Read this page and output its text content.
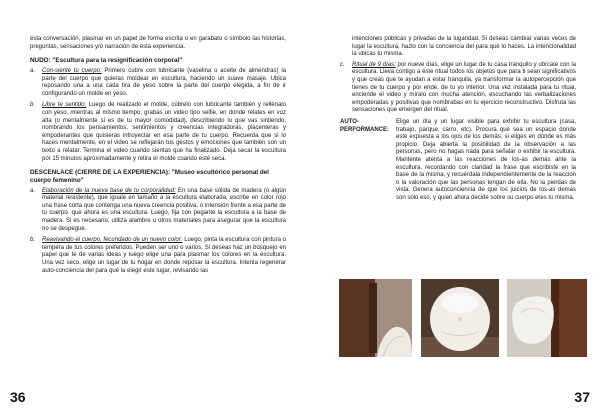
ésta conversación, plasmar en un papel de forma escrita o en garabato o símbolo las historias, preguntas, sensaciones y/o narración de ésta experiencia.

NUDO: "Escultura para la resignificación corporal"
a.	Con-siente tu cuerpo: Primero cubre con lubricante (vaselina o aceite de almendras) la parte del cuerpo que quieras moldear en escultura, haciendo un suave masaje. Ubica reposando una a una cada tira de yeso sobre la parte del cuerpo elegida, a fin de ir configurando un molde en yeso.

b.	Libre te sentido: Luego de realizado el molde, cúbrelo con lubricante también y rellénalo con yeso, mientras al mismo tiempo, grabas un video tipo selfie, en donde relates en voz alta (o mentalmente si es de tu mayor comodidad), describiendo lo que vas sintiendo, nombrando los pensamientos, sentimientos y creencias integradoras, placenteras y empoderantes que quisieras introyectar en esa parte de tu cuerpo. Recuerda que si lo haces mentalmente, en el video se reflejarán tus gestos y emociones que también son un texto a relatar. Termina el video cuando sientas que ha finalizado. Deja secar la escultura por 15 minutos aproximadamente y retira el molde cuando esté seca.

DESCENLACE (CIERRE DE LA EXPERIENCIA): "Museo escultórico personal del cuerpo femenino"
a.	Elaboración de la nueva base de tu corporalidad: En una base sólida de madera (o algún material resistente), que iguale en tamaño a la escultura elaborada, escribe en color rojo una frase corta que contenga una nueva creencia positiva, o intensión frente a esa parte de tu cuerpo, que ahora es una escultura. Luego, fija con pegante la escultura a la base de madera. Si es necesario, utiliza alambre u otros materiales para asegurar que la escultura no se despegue.

b.	Reavivando el cuerpo, fecundado de un nuevo color: Luego, pinta la escultura con pintura o tempera de tus colores preferidos. Pueden ser uno o varios. Si deseas haz un bosquejo en papel que te de varias ideas y luego elige una para plasmar los colores en la escultura. Una vez seco, elige un lugar de tu hogar en donde reposar la escultura. Intenta regenerar auto-conciencia del para qué la elegir este lugar, revisando las

36

intenciones públicas y privadas de la lugaridad. Si deseas cambiar varias veces de lugar la escultura, hazlo con la conciencia del para qué lo haces. La intencionalidad la ubicas tu misma.

c.	Ritual de 9 días: por nueve días, elige un lugar de tu casa tranquilo y ubícate con la escultura. Lleva contigo a éste ritual todos los objetos que para ti sean significativos y que creas que te ayudan a estar tranquila, ya transformar la autopercepción que tienes de tu cuerpo y por ende, de tu yo interior. Una vez instalada para tu ritual, enciende el video y míralo con mucha atención, escuchando las verbalizaciones empoderadas y positivas que nombrabas en tu ejercicio reconstructivo. Disfruta las sensaciones que emergen del ritual.

AUTO-PERFORMANCE:

Elige un día y un lugar visible para exhibir tu escultura (casa, trabajo, parque, carro, etc). Procura que sea un espacio donde esté expuesta a los ojos de los demás; si eliges en donde es más propicio. Deja abierta la posibilidad de la observación a las personas, pero no hagas nada para señalar o exhibir la escultura. Mantente atenta a las reacciones de los-as demás ante la escultura, recordando con claridad la frase que escribiste en la base de la misma, y recuérdala independientemente de la reacción o la valoración que las personas tengan de ella. No la pierdas de vista. Genera autoconciencia de que los juicios de los-as demás son sólo eso, y quien ahora decide sobre su cuerpo eres tú misma.

37
